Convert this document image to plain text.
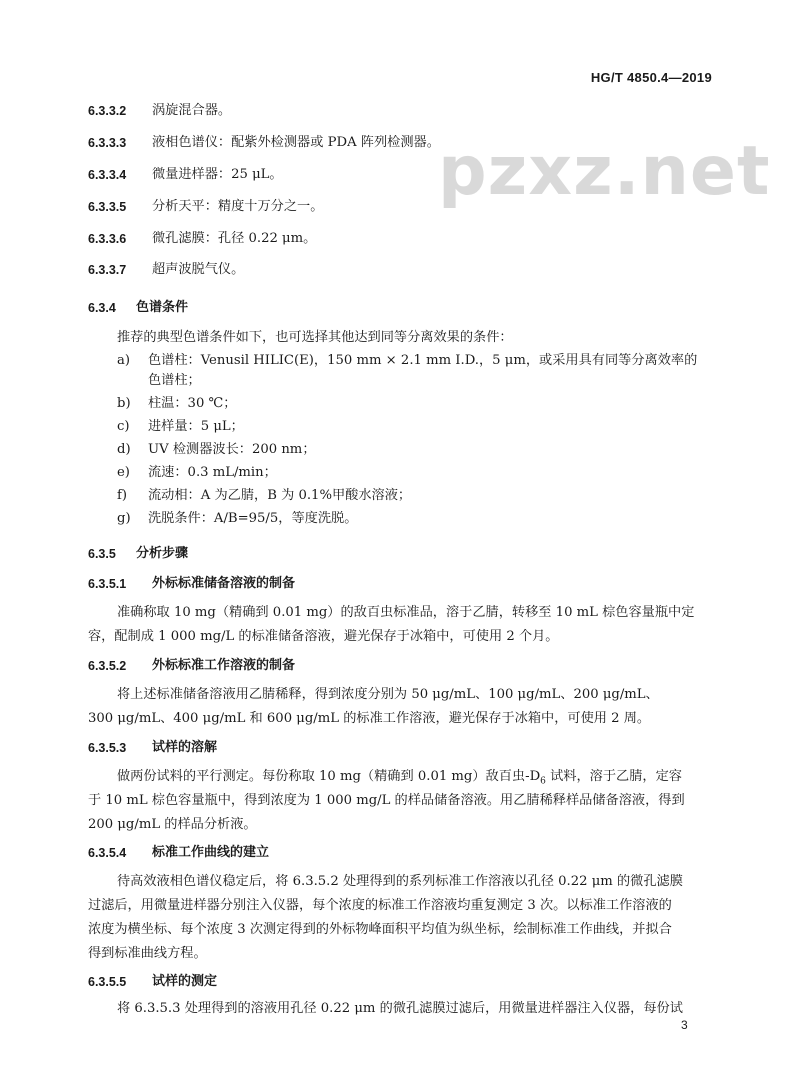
HG/T 4850.4—2019
pzxz.net
6.3.3.2 涡旋混合器。
6.3.3.3 液相色谱仪：配紫外检测器或 PDA 阵列检测器。
6.3.3.4 微量进样器：25 μL。
6.3.3.5 分析天平：精度十万分之一。
6.3.3.6 微孔滤膜：孔径 0.22 μm。
6.3.3.7 超声波脱气仪。
6.3.4 色谱条件
推荐的典型色谱条件如下，也可选择其他达到同等分离效果的条件：
a) 色谱柱：Venusil HILIC(E)，150 mm × 2.1 mm I.D.，5 μm，或采用具有同等分离效率的
色谱柱；
b) 柱温：30 ℃；
c) 进样量：5 μL；
d) UV 检测器波长：200 nm；
e) 流速：0.3 mL/min；
f) 流动相：A 为乙腈，B 为 0.1%甲酸水溶液；
g) 洗脱条件：A/B=95/5，等度洗脱。
6.3.5 分析步骤
6.3.5.1 外标标准储备溶液的制备
准确称取 10 mg（精确到 0.01 mg）的敌百虫标准品，溶于乙腈，转移至 10 mL 棕色容量瓶中定
容，配制成 1 000 mg/L 的标准储备溶液，避光保存于冰箱中，可使用 2 个月。
6.3.5.2 外标标准工作溶液的制备
将上述标准储备溶液用乙腈稀释，得到浓度分别为 50 μg/mL、100 μg/mL、200 μg/mL、
300 μg/mL、400 μg/mL 和 600 μg/mL 的标准工作溶液，避光保存于冰箱中，可使用 2 周。
6.3.5.3 试样的溶解
做两份试料的平行测定。每份称取 10 mg（精确到 0.01 mg）敌百虫$-D_6$ 试料，溶于乙腈，定容
于 10 mL 棕色容量瓶中，得到浓度为 1 000 mg/L 的样品储备溶液。用乙腈稀释样品储备溶液，得到
200 μg/mL 的样品分析液。
6.3.5.4 标准工作曲线的建立
待高效液相色谱仪稳定后，将 6.3.5.2 处理得到的系列标准工作溶液以孔径 0.22 μm 的微孔滤膜
过滤后，用微量进样器分别注入仪器，每个浓度的标准工作溶液均重复测定 3 次。以标准工作溶液的
浓度为横坐标、每个浓度 3 次测定得到的外标物峰面积平均值为纵坐标，绘制标准工作曲线，并拟合
得到标准曲线方程。
6.3.5.5 试样的测定
将 6.3.5.3 处理得到的溶液用孔径 0.22 μm 的微孔滤膜过滤后，用微量进样器注入仪器，每份试
3
